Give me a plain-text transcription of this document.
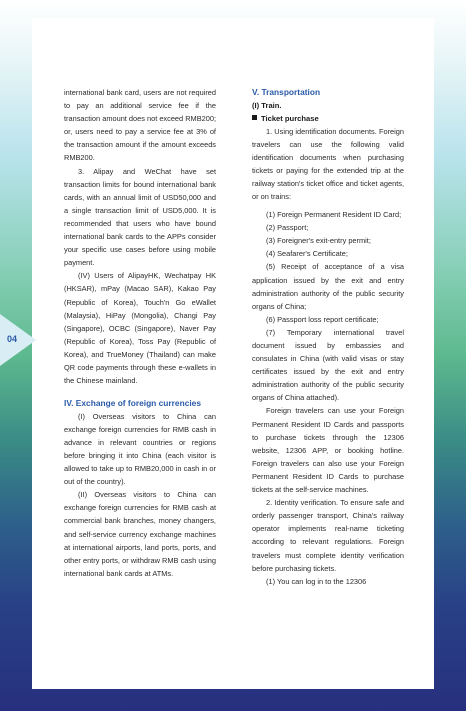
international bank card, users are not required to pay an additional service fee if the transaction amount does not exceed RMB200; or, users need to pay a service fee at 3% of the transaction amount if the amount exceeds RMB200.

3. Alipay and WeChat have set transaction limits for bound international bank cards, with an annual limit of USD50,000 and a single transaction limit of USD5,000. It is recommended that users who have bound international bank cards to the APPs consider your specific use cases before using mobile payment.

(IV) Users of AlipayHK, Wechatpay HK (HKSAR), mPay (Macao SAR), Kakao Pay (Republic of Korea), Touch'n Go eWallet (Malaysia), HiPay (Mongolia), Changi Pay (Singapore), OCBC (Singapore), Naver Pay (Republic of Korea), Toss Pay (Republic of Korea), and TrueMoney (Thailand) can make QR code payments through these e-wallets in the Chinese mainland.

IV. Exchange of foreign currencies

(I) Overseas visitors to China can exchange foreign currencies for RMB cash in advance in relevant countries or regions before bringing it into China (each visitor is allowed to take up to RMB20,000 in cash in or out of the country).

(II) Overseas visitors to China can exchange foreign currencies for RMB cash at commercial bank branches, money changers, and self-service currency exchange machines at international airports, land ports, ports, and other entry ports, or withdraw RMB cash using international bank cards at ATMs.

V. Transportation
(I) Train.
Ticket purchase

1. Using identification documents. Foreign travelers can use the following valid identification documents when purchasing tickets or paying for the extended trip at the railway station's ticket office and ticket agents, or on trains:

(1) Foreign Permanent Resident ID Card;

(2) Passport;

(3) Foreigner's exit-entry permit;

(4) Seafarer's Certificate;

(5) Receipt of acceptance of a visa application issued by the exit and entry administration authority of the public security organs of China;

(6) Passport loss report certificate;

(7) Temporary international travel document issued by embassies and consulates in China (with valid visas or stay certificates issued by the exit and entry administration authority of the public security organs of China attached).

Foreign travelers can use your Foreign Permanent Resident ID Cards and passports to purchase tickets through the 12306 website, 12306 APP, or booking hotline. Foreign travelers can also use your Foreign Permanent Resident ID Cards to purchase tickets at the self-service machines.

2. Identity verification. To ensure safe and orderly passenger transport, China's railway operator implements real-name ticketing according to relevant regulations. Foreign travelers must complete identity verification before purchasing tickets.

(1) You can log in to the 12306

04
